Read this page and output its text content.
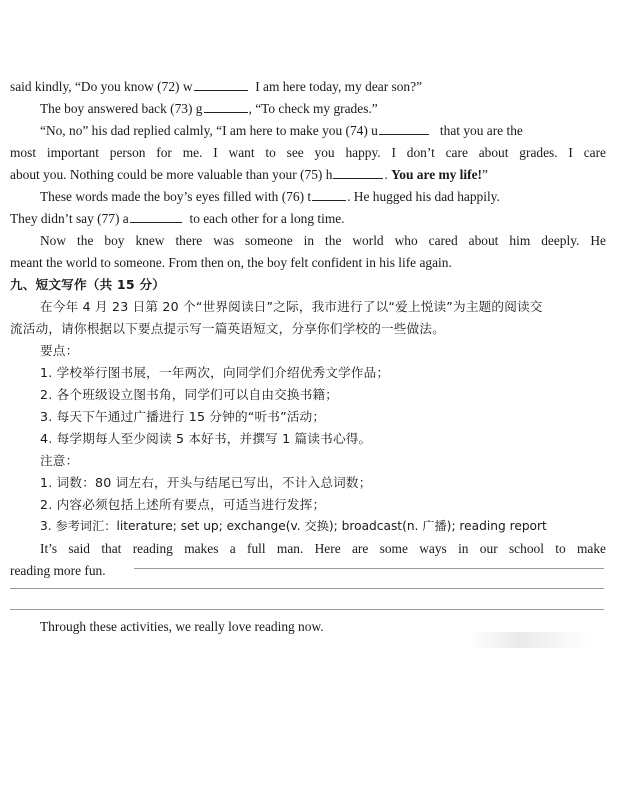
said kindly, “Do you know (72) w	I am here today, my dear son?”
The boy answered back (73) g	, “To check my grades.”
“No, no” his dad replied calmly, “I am here to make you (74) u	that you are the
most important person for me. I want to see you happy. I don’t care about grades. I care
about you. Nothing could be more valuable than your (75) h	. You are my life!”
These words made the boy’s eyes filled with (76) t	. He hugged his dad happily.
They didn’t say (77) a	to each other for a long time.
Now the boy knew there was someone in the world who cared about him deeply. He
meant the world to someone. From then on, the boy felt confident in his life again.
九、短文写作（共 15 分）
在今年 4 月 23 日第 20 个“世界阅读日”之际，我市进行了以“爱上悦读”为主题的阅读交
流活动，请你根据以下要点提示写一篇英语短文，分享你们学校的一些做法。
要点：
1. 学校举行图书展，一年两次，向同学们介绍优秀文学作品；
2. 各个班级设立图书角，同学们可以自由交换书籍；
3. 每天下午通过广播进行 15 分钟的“听书”活动；
4. 每学期每人至少阅读 5 本好书，并撰写 1 篇读书心得。
注意：
1. 词数：80 词左右，开头与结尾已写出，不计入总词数；
2. 内容必须包括上述所有要点，可适当进行发挥；
3. 参考词汇：literature; set up; exchange(v. 交换); broadcast(n. 广播); reading report
It’s said that reading makes a full man. Here are some ways in our school to make
reading more fun.
Through these activities, we really love reading now.
